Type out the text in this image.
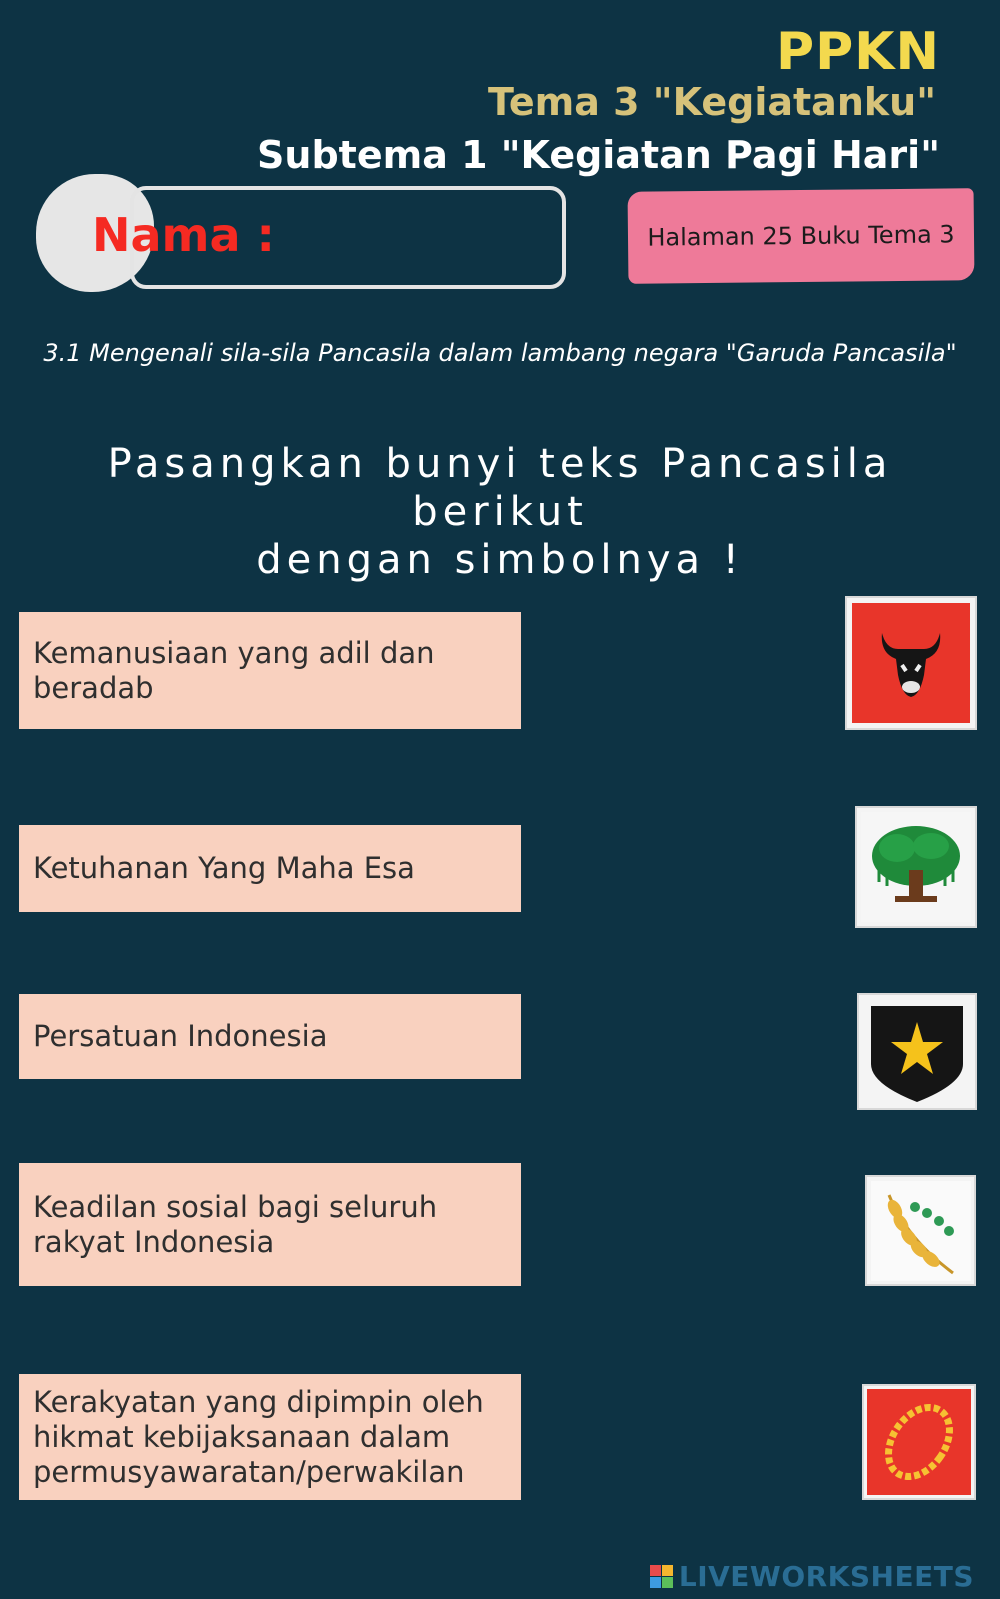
PPKN
Tema 3 "Kegiatanku"
Subtema 1 "Kegiatan Pagi Hari"

Nama :	Halaman 25 Buku Tema 3

3.1 Mengenali sila-sila Pancasila dalam lambang negara "Garuda Pancasila"

Pasangkan bunyi teks Pancasila berikut
dengan simbolnya !
Kemanusiaan yang adil dan beradab
Ketuhanan Yang Maha Esa
Persatuan Indonesia
Keadilan sosial bagi seluruh rakyat Indonesia
Kerakyatan yang dipimpin oleh hikmat kebijaksanaan dalam permusyawaratan/perwakilan
LIVEWORKSHEETS
